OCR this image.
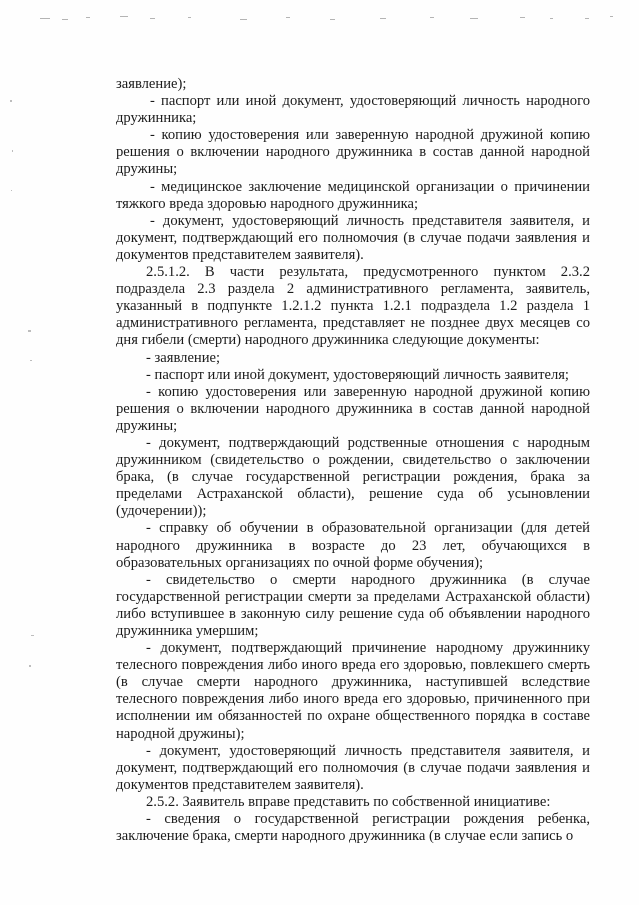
заявление);

- паспорт или иной документ, удостоверяющий личность народного дружинника;

- копию удостоверения или заверенную народной дружиной копию решения о включении народного дружинника в состав данной народной дружины;

- медицинское заключение медицинской организации о причинении тяжкого вреда здоровью народного дружинника;

- документ, удостоверяющий личность представителя заявителя, и документ, подтверждающий его полномочия (в случае подачи заявления и документов представителем заявителя).

2.5.1.2. В части результата, предусмотренного пунктом 2.3.2 подраздела 2.3 раздела 2 административного регламента, заявитель, указанный в подпункте 1.2.1.2 пункта 1.2.1 подраздела 1.2 раздела 1 административного регламента, представляет не позднее двух месяцев со дня гибели (смерти) народного дружинника следующие документы:

- заявление;

- паспорт или иной документ, удостоверяющий личность заявителя;

- копию удостоверения или заверенную народной дружиной копию решения о включении народного дружинника в состав данной народной дружины;

- документ, подтверждающий родственные отношения с народным дружинником (свидетельство о рождении, свидетельство о заключении брака, (в случае государственной регистрации рождения, брака за пределами Астраханской области), решение суда об усыновлении (удочерении));

- справку об обучении в образовательной организации (для детей народного дружинника в возрасте до 23 лет, обучающихся в образовательных организациях по очной форме обучения);

- свидетельство о смерти народного дружинника (в случае государственной регистрации смерти за пределами Астраханской области) либо вступившее в законную силу решение суда об объявлении народного дружинника умершим;

- документ, подтверждающий причинение народному дружиннику телесного повреждения либо иного вреда его здоровью, повлекшего смерть (в случае смерти народного дружинника, наступившей вследствие телесного повреждения либо иного вреда его здоровью, причиненного при исполнении им обязанностей по охране общественного порядка в составе народной дружины);

- документ, удостоверяющий личность представителя заявителя, и документ, подтверждающий его полномочия (в случае подачи заявления и документов представителем заявителя).

2.5.2. Заявитель вправе представить по собственной инициативе:

- сведения о государственной регистрации рождения ребенка, заключение брака, смерти народного дружинника (в случае если запись о
